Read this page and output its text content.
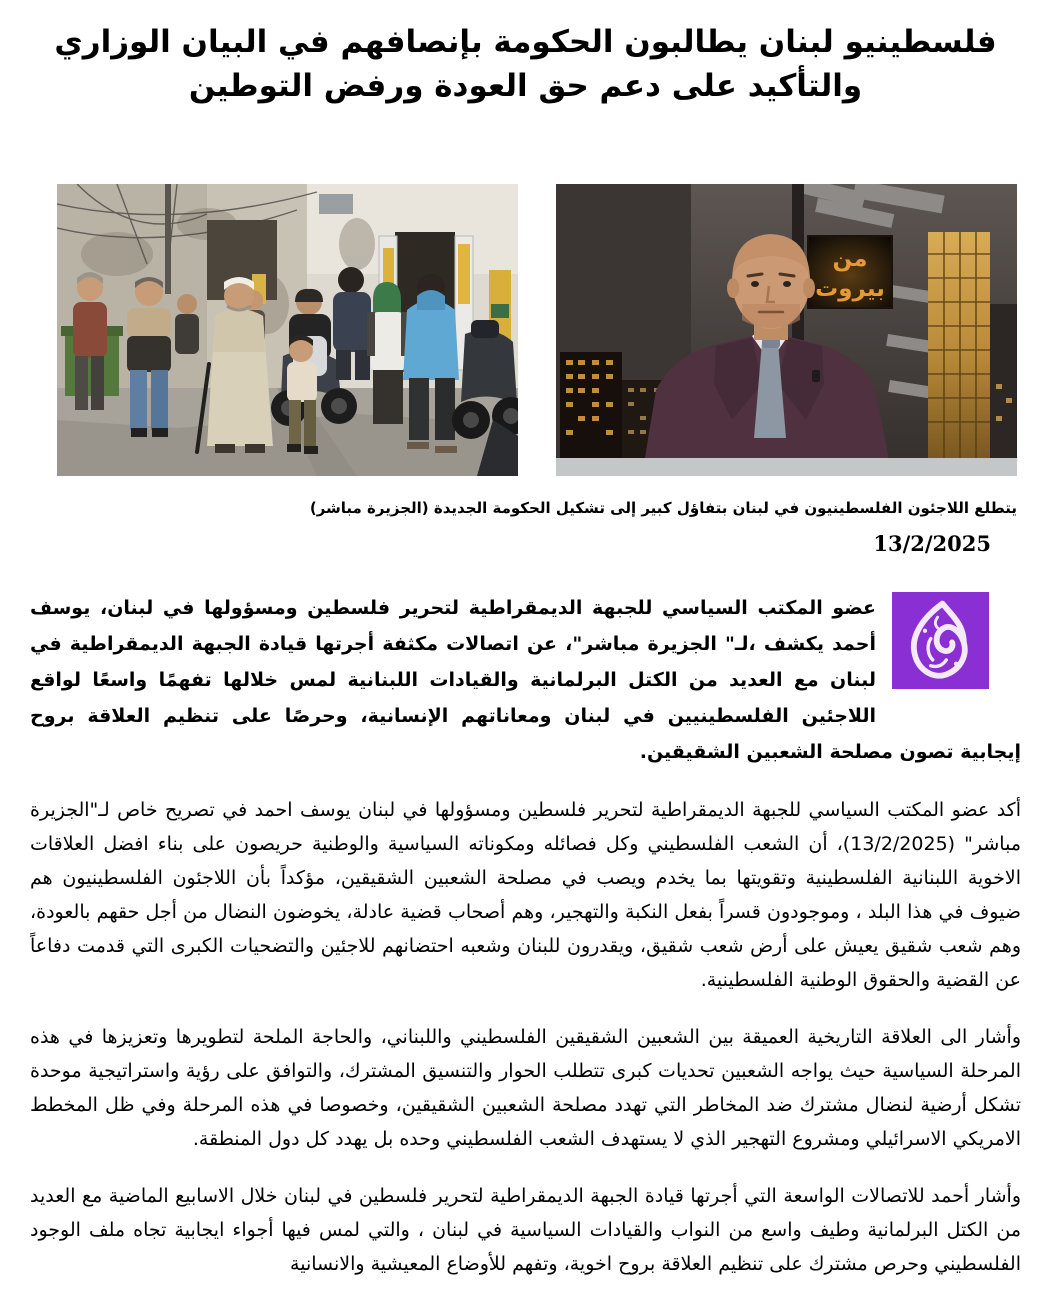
فلسطينيو لبنان يطالبون الحكومة بإنصافهم في البيان الوزاري والتأكيد على دعم حق العودة ورفض التوطين
من
بيروت
يتطلع اللاجئون الفلسطينيون في لبنان بتفاؤل كبير إلى تشكيل الحكومة الجديدة (الجزيرة مباشر)
13/2/2025

عضو المكتب السياسي للجبهة الديمقراطية لتحرير فلسطين ومسؤولها في لبنان، يوسف أحمد يكشف ،لـ" الجزيرة مباشر"، عن اتصالات مكثفة أجرتها قيادة الجبهة الديمقراطية في لبنان مع العديد من الكتل البرلمانية والقيادات اللبنانية لمس خلالها تفهمًا واسعًا لواقع اللاجئين الفلسطينيين في لبنان ومعاناتهم الإنسانية، وحرصًا على تنظيم العلاقة بروح إيجابية تصون مصلحة الشعبين الشقيقين.

أكد عضو المكتب السياسي للجبهة الديمقراطية لتحرير فلسطين ومسؤولها في لبنان يوسف احمد في تصريح خاص لـ"الجزيرة مباشر" (13/2/2025)، أن الشعب الفلسطيني وكل فصائله ومكوناته السياسية والوطنية حريصون على بناء افضل العلاقات الاخوية اللبنانية الفلسطينية وتقويتها بما يخدم ويصب في مصلحة الشعبين الشقيقين، مؤكداً بأن اللاجئون الفلسطينيون هم ضيوف في هذا البلد ، وموجودون قسراً بفعل النكبة والتهجير، وهم أصحاب قضية عادلة، يخوضون النضال من أجل حقهم بالعودة، وهم شعب شقيق يعيش على أرض شعب شقيق، ويقدرون للبنان وشعبه احتضانهم للاجئين والتضحيات الكبرى التي قدمت دفاعاً عن القضية والحقوق الوطنية الفلسطينية.

وأشار الى العلاقة التاريخية العميقة بين الشعبين الشقيقين الفلسطيني واللبناني، والحاجة الملحة لتطويرها وتعزيزها في هذه المرحلة السياسية حيث يواجه الشعبين تحديات كبرى تتطلب الحوار والتنسيق المشترك، والتوافق على رؤية واستراتيجية موحدة تشكل أرضية لنضال مشترك ضد المخاطر التي تهدد مصلحة الشعبين الشقيقين، وخصوصا في هذه المرحلة وفي ظل المخطط الامريكي الاسرائيلي ومشروع التهجير الذي لا يستهدف الشعب الفلسطيني وحده بل يهدد كل دول المنطقة.

وأشار أحمد للاتصالات الواسعة التي أجرتها قيادة الجبهة الديمقراطية لتحرير فلسطين في لبنان خلال الاسابيع الماضية مع العديد من الكتل البرلمانية وطيف واسع من النواب والقيادات السياسية في لبنان ، والتي لمس فيها أجواء ايجابية تجاه ملف الوجود الفلسطيني وحرص مشترك على تنظيم العلاقة بروح اخوية، وتفهم للأوضاع المعيشية والانسانية
